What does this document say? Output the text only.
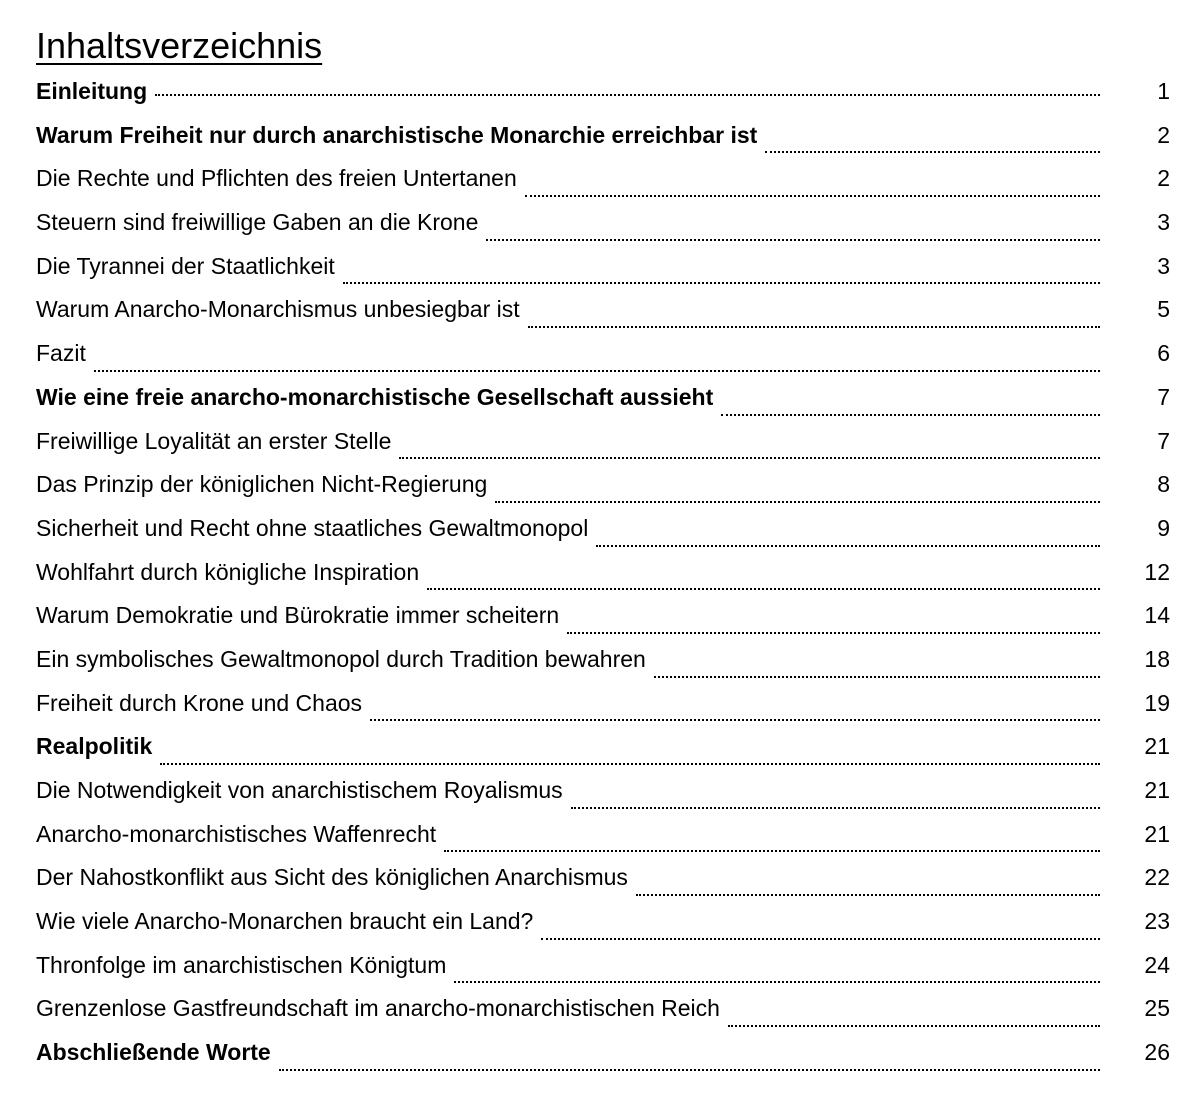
Inhaltsverzeichnis
Einleitung	1
Warum Freiheit nur durch anarchistische Monarchie erreichbar ist	2
Die Rechte und Pflichten des freien Untertanen	2
Steuern sind freiwillige Gaben an die Krone	3
Die Tyrannei der Staatlichkeit	3
Warum Anarcho-Monarchismus unbesiegbar ist	5
Fazit	6
Wie eine freie anarcho-monarchistische Gesellschaft aussieht	7
Freiwillige Loyalität an erster Stelle	7
Das Prinzip der königlichen Nicht-Regierung	8
Sicherheit und Recht ohne staatliches Gewaltmonopol	9
Wohlfahrt durch königliche Inspiration	12
Warum Demokratie und Bürokratie immer scheitern	14
Ein symbolisches Gewaltmonopol durch Tradition bewahren	18
Freiheit durch Krone und Chaos	19
Realpolitik	21
Die Notwendigkeit von anarchistischem Royalismus	21
Anarcho-monarchistisches Waffenrecht	21
Der Nahostkonflikt aus Sicht des königlichen Anarchismus	22
Wie viele Anarcho-Monarchen braucht ein Land?	23
Thronfolge im anarchistischen Königtum	24
Grenzenlose Gastfreundschaft im anarcho-monarchistischen Reich	25
Abschließende Worte	26
